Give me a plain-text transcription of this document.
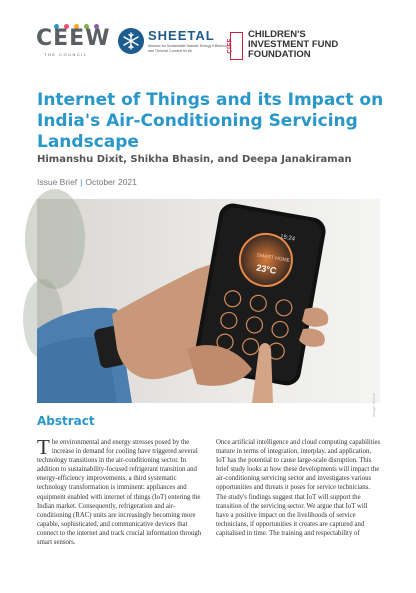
CEEW
THE COUNCIL
SHEETAL
Alliance for Sustainable Habitat, Energy Efficiency and Thermal Comfort for All	CIFF
CHILDREN'S
INVESTMENT FUND
FOUNDATION
Internet of Things and its Impact on India's Air-Conditioning Servicing Landscape
Himanshu Dixit, Shikha Bhasin, and Deepa Janakiraman
Issue Brief | October 2021
15:24
SMART HOME
23°C
Image: iStock
Abstract
The environmental and energy stresses posed by the increase in demand for cooling have triggered several technology transitions in the air-conditioning sector. In addition to sustainability-focused refrigerant transition and energy-efficiency improvements, a third systematic technology transformation is imminent: appliances and equipment enabled with internet of things (IoT) entering the Indian market. Consequently, refrigeration and air-conditioning (RAC) units are increasingly becoming more capable, sophisticated, and communicative devices that connect to the internet and track crucial information through smart sensors.
Once artificial intelligence and cloud computing capabilities mature in terms of integration, interplay, and application, IoT has the potential to cause large-scale disruption. This brief study looks at how these developments will impact the air-conditioning servicing sector and investigates various opportunities and threats it poses for service technicians. The study's findings suggest that IoT will support the transition of the servicing sector. We argue that IoT will have a positive impact on the livelihoods of service technicians, if opportunities it creates are captured and capitalised in time. The training and respectability of
